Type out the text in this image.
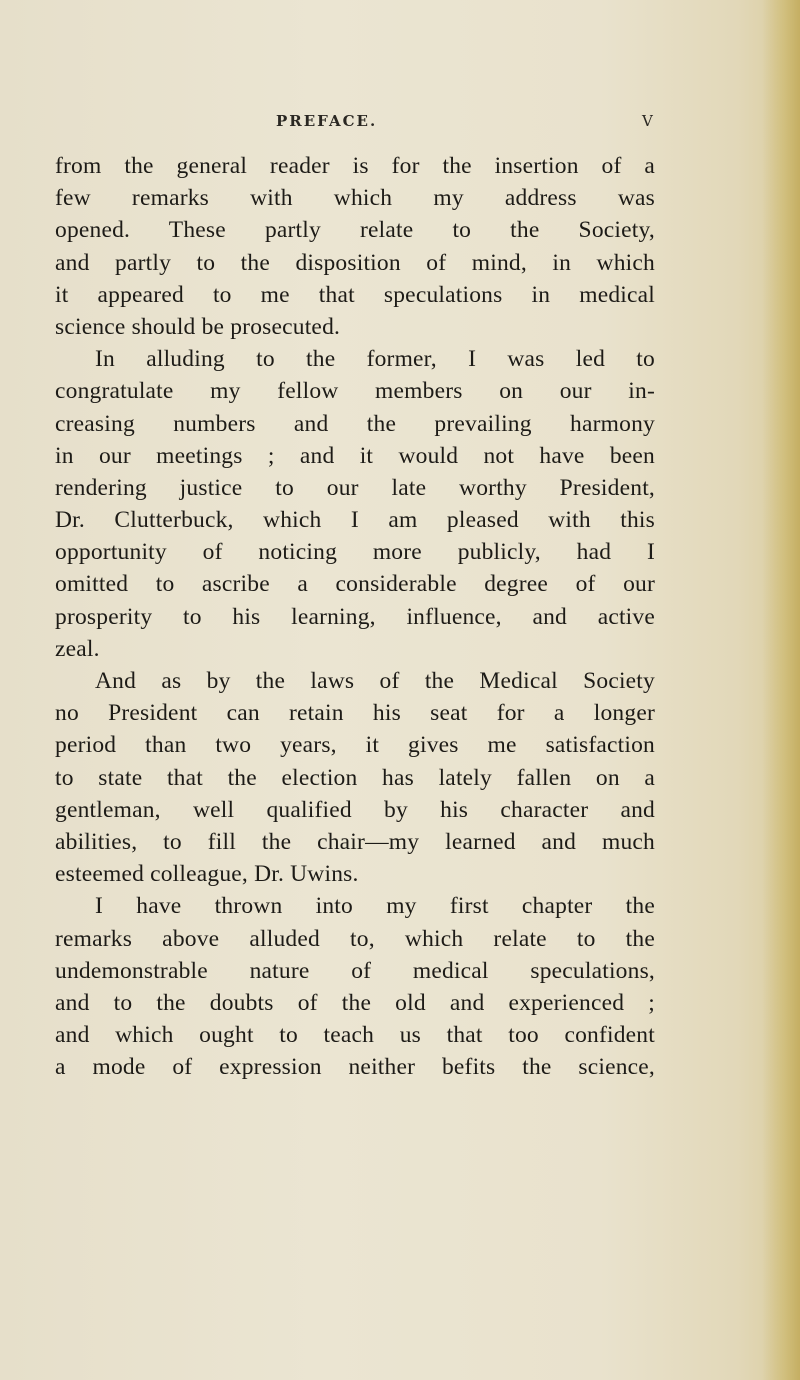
PREFACE.	V
from the general reader is for the insertion of a
few remarks with which my address was
opened. These partly relate to the Society,
and partly to the disposition of mind, in which
it appeared to me that speculations in medical
science should be prosecuted.
In alluding to the former, I was led to
congratulate my fellow members on our in-
creasing numbers and the prevailing harmony
in our meetings ; and it would not have been
rendering justice to our late worthy President,
Dr. Clutterbuck, which I am pleased with this
opportunity of noticing more publicly, had I
omitted to ascribe a considerable degree of our
prosperity to his learning, influence, and active
zeal.
And as by the laws of the Medical Society
no President can retain his seat for a longer
period than two years, it gives me satisfaction
to state that the election has lately fallen on a
gentleman, well qualified by his character and
abilities, to fill the chair—my learned and much
esteemed colleague, Dr. Uwins.
I have thrown into my first chapter the
remarks above alluded to, which relate to the
undemonstrable nature of medical speculations,
and to the doubts of the old and experienced ;
and which ought to teach us that too confident
a mode of expression neither befits the science,
